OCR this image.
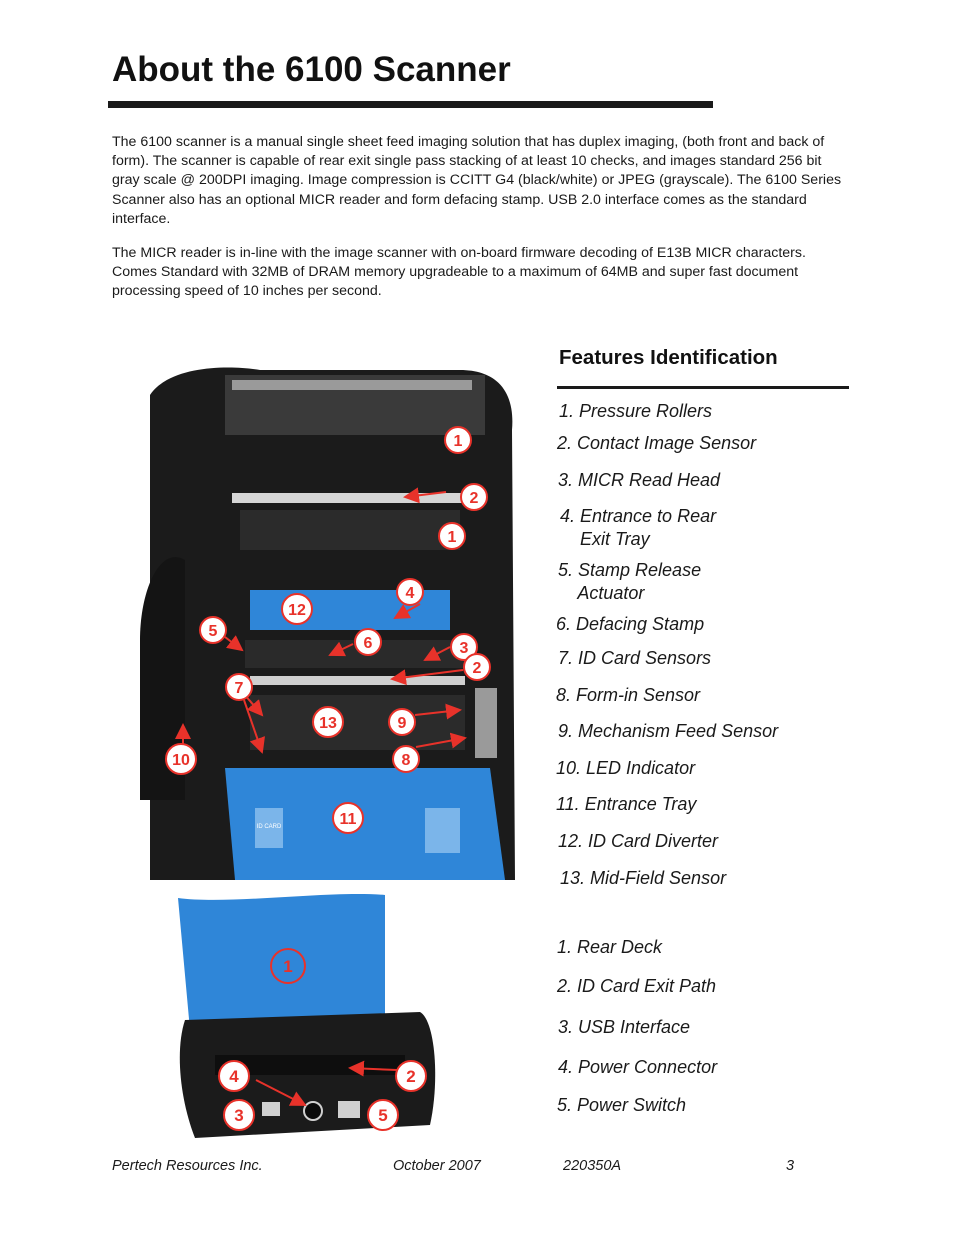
About the 6100 Scanner

The 6100 scanner is a manual single sheet feed imaging solution that has duplex imaging, (both front and back of form). The scanner is capable of rear exit single pass stacking of at least 10 checks, and images standard 256 bit gray scale @ 200DPI imaging. Image compression is CCITT G4 (black/white) or JPEG (grayscale). The 6100 Series Scanner also has an optional MICR reader and form defacing stamp. USB 2.0 interface comes as the standard interface.

The MICR reader is in-line with the image scanner with on-board firmware decoding of E13B MICR characters. Comes Standard with 32MB of DRAM memory upgradeable to a maximum of 64MB and super fast document processing speed of 10 inches per second.

Features Identification
1. Pressure Rollers
2. Contact Image Sensor
3. MICR Read Head
4. Entrance to Rear
Exit Tray
5. Stamp Release
Actuator
6. Defacing Stamp
7. ID Card Sensors
8. Form-in Sensor
9. Mechanism Feed Sensor
10. LED Indicator
11. Entrance Tray
12. ID Card Diverter
13. Mid-Field Sensor
1. Rear Deck
2. ID Card Exit Path
3. USB Interface
4. Power Connector
5. Power Switch
ID CARD
1
2
1
4
12
5
6	3
2
7
13	9
10	8
11
1
4	2
3	5
Pertech Resources Inc.	October 2007	220350A	3
